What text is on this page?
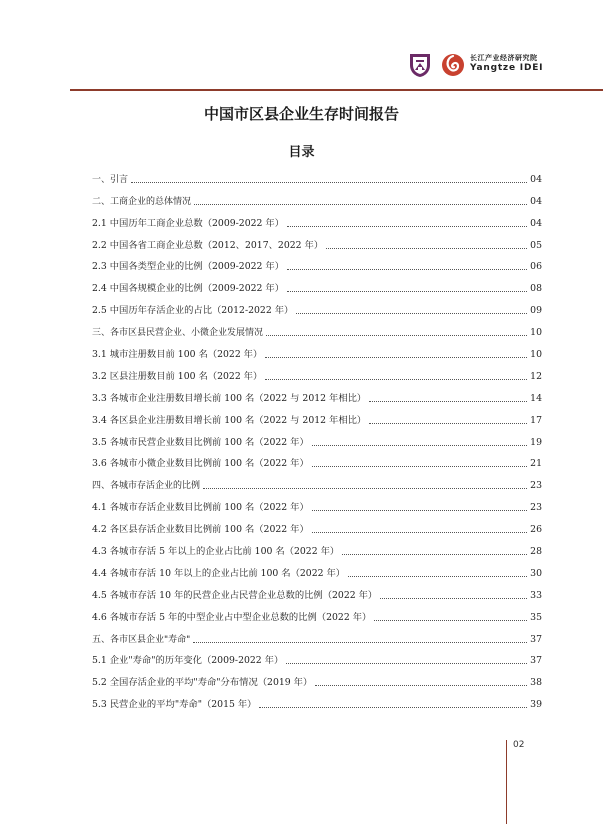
长江产业经济研究院
Yangtze IDEI
中国市区县企业生存时间报告
目录
一、引言	04
二、工商企业的总体情况	04
2.1 中国历年工商企业总数（2009-2022 年）	04
2.2 中国各省工商企业总数（2012、2017、2022 年）	05
2.3 中国各类型企业的比例（2009-2022 年）	06
2.4 中国各规模企业的比例（2009-2022 年）	08
2.5 中国历年存活企业的占比（2012-2022 年）	09
三、各市区县民营企业、小微企业发展情况	10
3.1 城市注册数目前 100 名（2022 年）	10
3.2 区县注册数目前 100 名（2022 年）	12
3.3 各城市企业注册数目增长前 100 名（2022 与 2012 年相比）	14
3.4 各区县企业注册数目增长前 100 名（2022 与 2012 年相比）	17
3.5 各城市民营企业数目比例前 100 名（2022 年）	19
3.6 各城市小微企业数目比例前 100 名（2022 年）	21
四、各城市存活企业的比例	23
4.1 各城市存活企业数目比例前 100 名（2022 年）	23
4.2 各区县存活企业数目比例前 100 名（2022 年）	26
4.3 各城市存活 5 年以上的企业占比前 100 名（2022 年）	28
4.4 各城市存活 10 年以上的企业占比前 100 名（2022 年）	30
4.5 各城市存活 10 年的民营企业占民营企业总数的比例（2022 年）	33
4.6 各城市存活 5 年的中型企业占中型企业总数的比例（2022 年）	35
五、各市区县企业"寿命"	37
5.1 企业"寿命"的历年变化（2009-2022 年）	37
5.2 全国存活企业的平均"寿命"分布情况（2019 年）	38
5.3 民营企业的平均"寿命"（2015 年）	39
02
